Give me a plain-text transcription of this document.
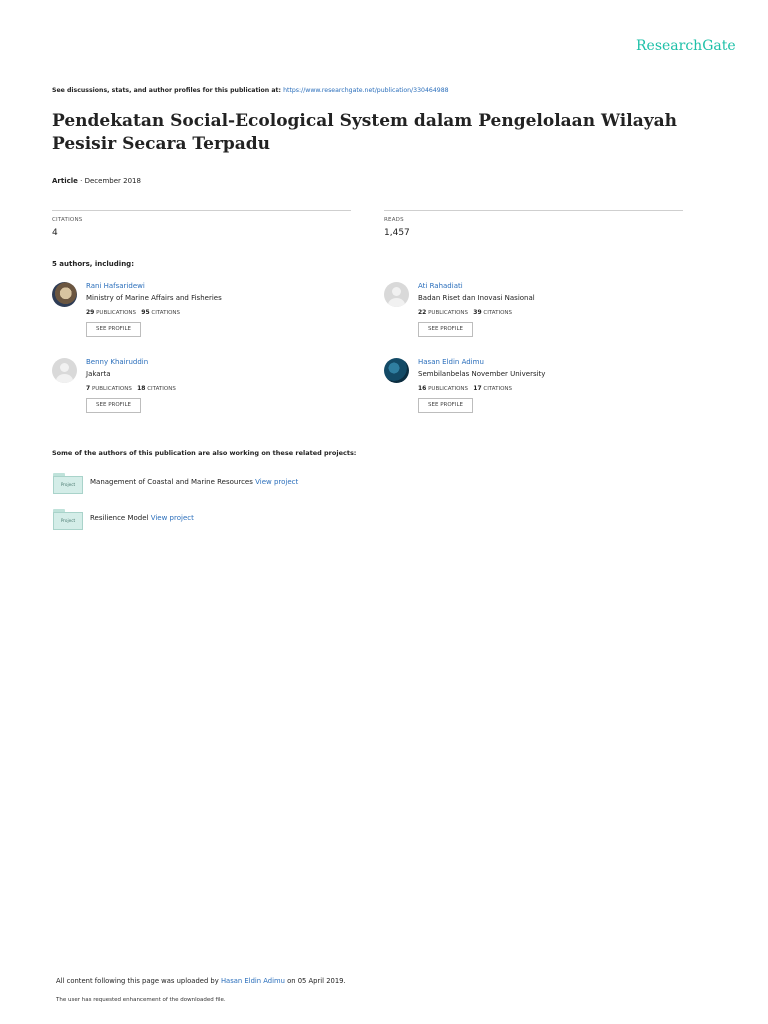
ResearchGate
See discussions, stats, and author profiles for this publication at: https://www.researchgate.net/publication/330464988
Pendekatan Social-Ecological System dalam Pengelolaan Wilayah Pesisir Secara Terpadu
Article · December 2018
CITATIONS
4
READS
1,457
5 authors, including:
Rani Hafsaridewi
Ministry of Marine Affairs and Fisheries
29 PUBLICATIONS 95 CITATIONS
SEE PROFILE
Ati Rahadiati
Badan Riset dan Inovasi Nasional
22 PUBLICATIONS 39 CITATIONS
SEE PROFILE
Benny Khairuddin
Jakarta
7 PUBLICATIONS 18 CITATIONS
SEE PROFILE
Hasan Eldin Adimu
Sembilanbelas November University
16 PUBLICATIONS 17 CITATIONS
SEE PROFILE
Some of the authors of this publication are also working on these related projects:
Project	Management of Coastal and Marine Resources View project
Project	Resilience Model View project
All content following this page was uploaded by Hasan Eldin Adimu on 05 April 2019.
The user has requested enhancement of the downloaded file.
